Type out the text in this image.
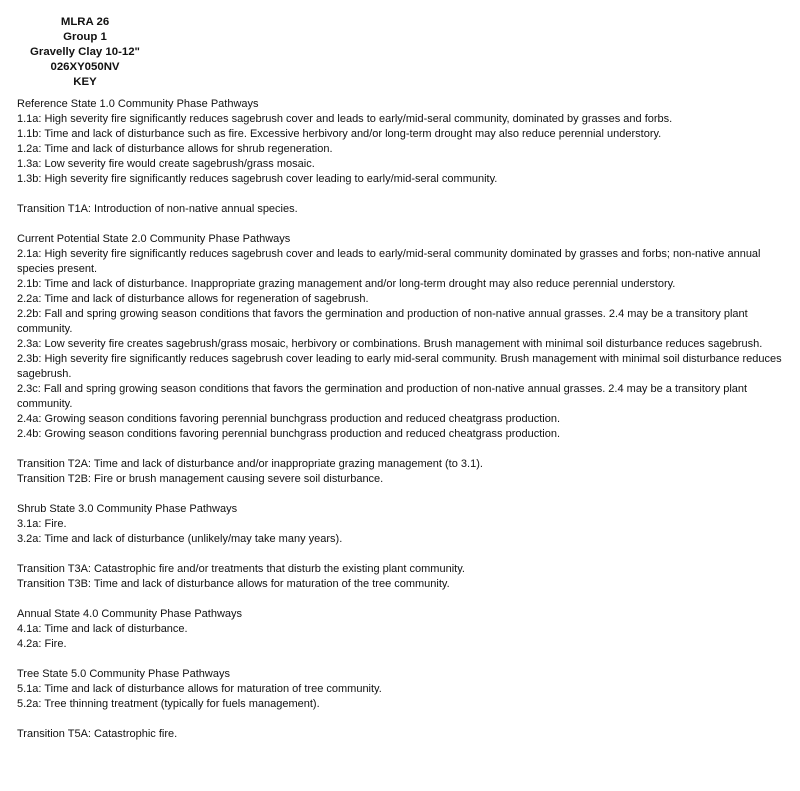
MLRA 26
Group 1
Gravelly Clay 10-12"
026XY050NV
KEY

Reference State 1.0 Community Phase Pathways

1.1a: High severity fire significantly reduces sagebrush cover and leads to early/mid-seral community, dominated by grasses and forbs.

1.1b: Time and lack of disturbance such as fire. Excessive herbivory and/or long-term drought may also reduce perennial understory.

1.2a: Time and lack of disturbance allows for shrub regeneration.

1.3a: Low severity fire would create sagebrush/grass mosaic.

1.3b: High severity fire significantly reduces sagebrush cover leading to early/mid-seral community.

Transition T1A: Introduction of non-native annual species.

Current Potential State 2.0 Community Phase Pathways

2.1a: High severity fire significantly reduces sagebrush cover and leads to early/mid-seral community dominated by grasses and forbs; non-native annual species present.

2.1b: Time and lack of disturbance. Inappropriate grazing management and/or long-term drought may also reduce perennial understory.

2.2a: Time and lack of disturbance allows for regeneration of sagebrush.

2.2b: Fall and spring growing season conditions that favors the germination and production of non-native annual grasses. 2.4 may be a transitory plant community.

2.3a: Low severity fire creates sagebrush/grass mosaic, herbivory or combinations. Brush management with minimal soil disturbance reduces sagebrush.

2.3b: High severity fire significantly reduces sagebrush cover leading to early mid-seral community. Brush management with minimal soil disturbance reduces sagebrush.

2.3c: Fall and spring growing season conditions that favors the germination and production of non-native annual grasses. 2.4 may be a transitory plant community.

2.4a: Growing season conditions favoring perennial bunchgrass production and reduced cheatgrass production.

2.4b: Growing season conditions favoring perennial bunchgrass production and reduced cheatgrass production.

Transition T2A: Time and lack of disturbance and/or inappropriate grazing management (to 3.1).

Transition T2B: Fire or brush management causing severe soil disturbance.

Shrub State 3.0 Community Phase Pathways

3.1a: Fire.

3.2a: Time and lack of disturbance (unlikely/may take many years).

Transition T3A: Catastrophic fire and/or treatments that disturb the existing plant community.

Transition T3B: Time and lack of disturbance allows for maturation of the tree community.

Annual State 4.0 Community Phase Pathways

4.1a: Time and lack of disturbance.

4.2a: Fire.

Tree State 5.0 Community Phase Pathways

5.1a: Time and lack of disturbance allows for maturation of tree community.

5.2a: Tree thinning treatment (typically for fuels management).

Transition T5A: Catastrophic fire.
